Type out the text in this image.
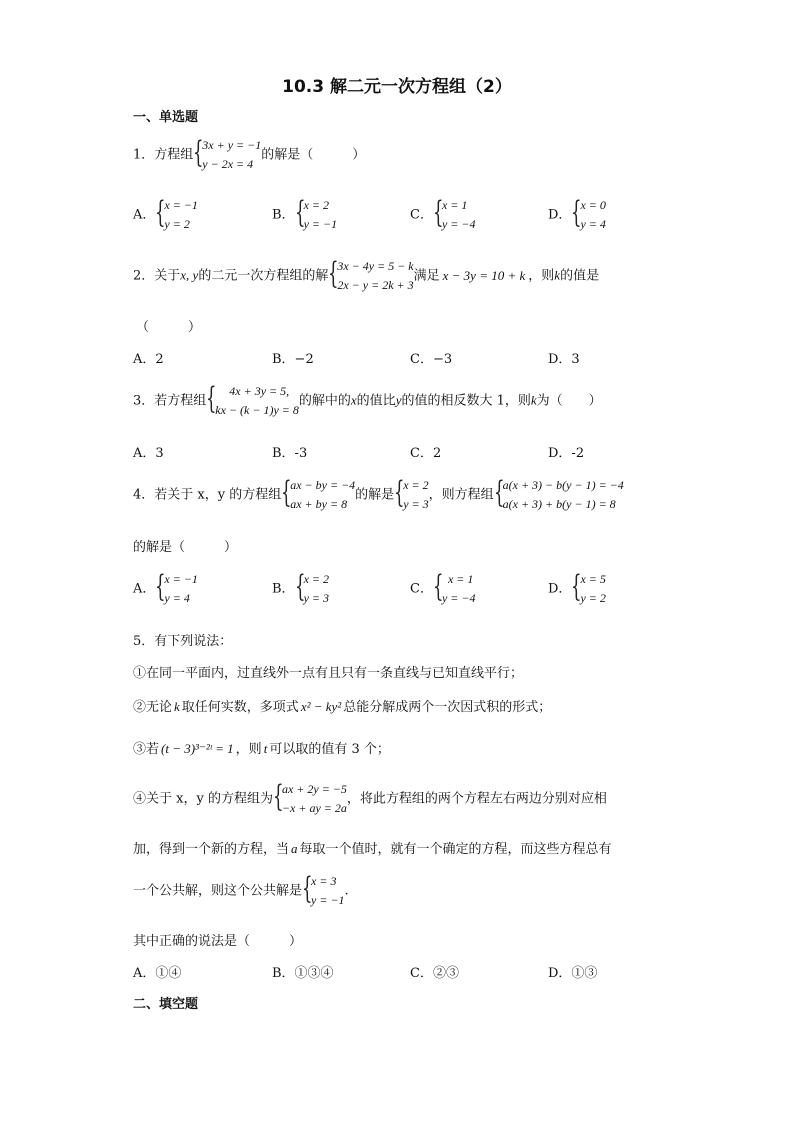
10.3 解二元一次方程组（2）
一、单选题
1．方程组 {
3x + y = −1
y − 2x = 4
的解是（　　　）
A． {
x = −1
y = 2
B． {
x = 2
y = −1
C． {
x = 1
y = −4
D． {
x = 0
y = 4
2．关于x, y的二元一次方程组的解 {
3x − 4y = 5 − k
2x − y = 2k + 3
满足 x − 3y = 10 + k ，则k的值是
（　　　）
A．2	B．−2	C．−3	D．3
3．若方程组 {	4x + 3y = 5,
kx − (k − 1)y = 8
的解中的x的值比y的值的相反数大 1，则k为（　　）
A．3	B．-3	C．2	D．-2
4．若关于 x，y 的方程组 {
ax − by = −4
ax + by = 8
的解是 {
x = 2
y = 3
，则方程组 {
a(x + 3) − b(y − 1) = −4
a(x + 3) + b(y − 1) = 8
的解是（　　　）
A． {
x = −1
y = 4
B． {
x = 2
y = 3
C． { x = 1
y = −4
D． {
x = 5
y = 2
5．有下列说法：
①在同一平面内，过直线外一点有且只有一条直线与已知直线平行；
②无论 k 取任何实数，多项式 x² − ky² 总能分解成两个一次因式积的形式；
③若 (t − 3)³⁻²ᵗ = 1 ，则 t 可以取的值有 3 个；
④关于 x，y 的方程组为 {
ax + 2y = −5
−x + ay = 2a
，将此方程组的两个方程左右两边分别对应相
加，得到一个新的方程，当 a 每取一个值时，就有一个确定的方程，而这些方程总有
一个公共解，则这个公共解是 {
x = 3
y = −1
.
其中正确的说法是（　　　）
A．①④	B．①③④	C．②③	D．①③
二、填空题
